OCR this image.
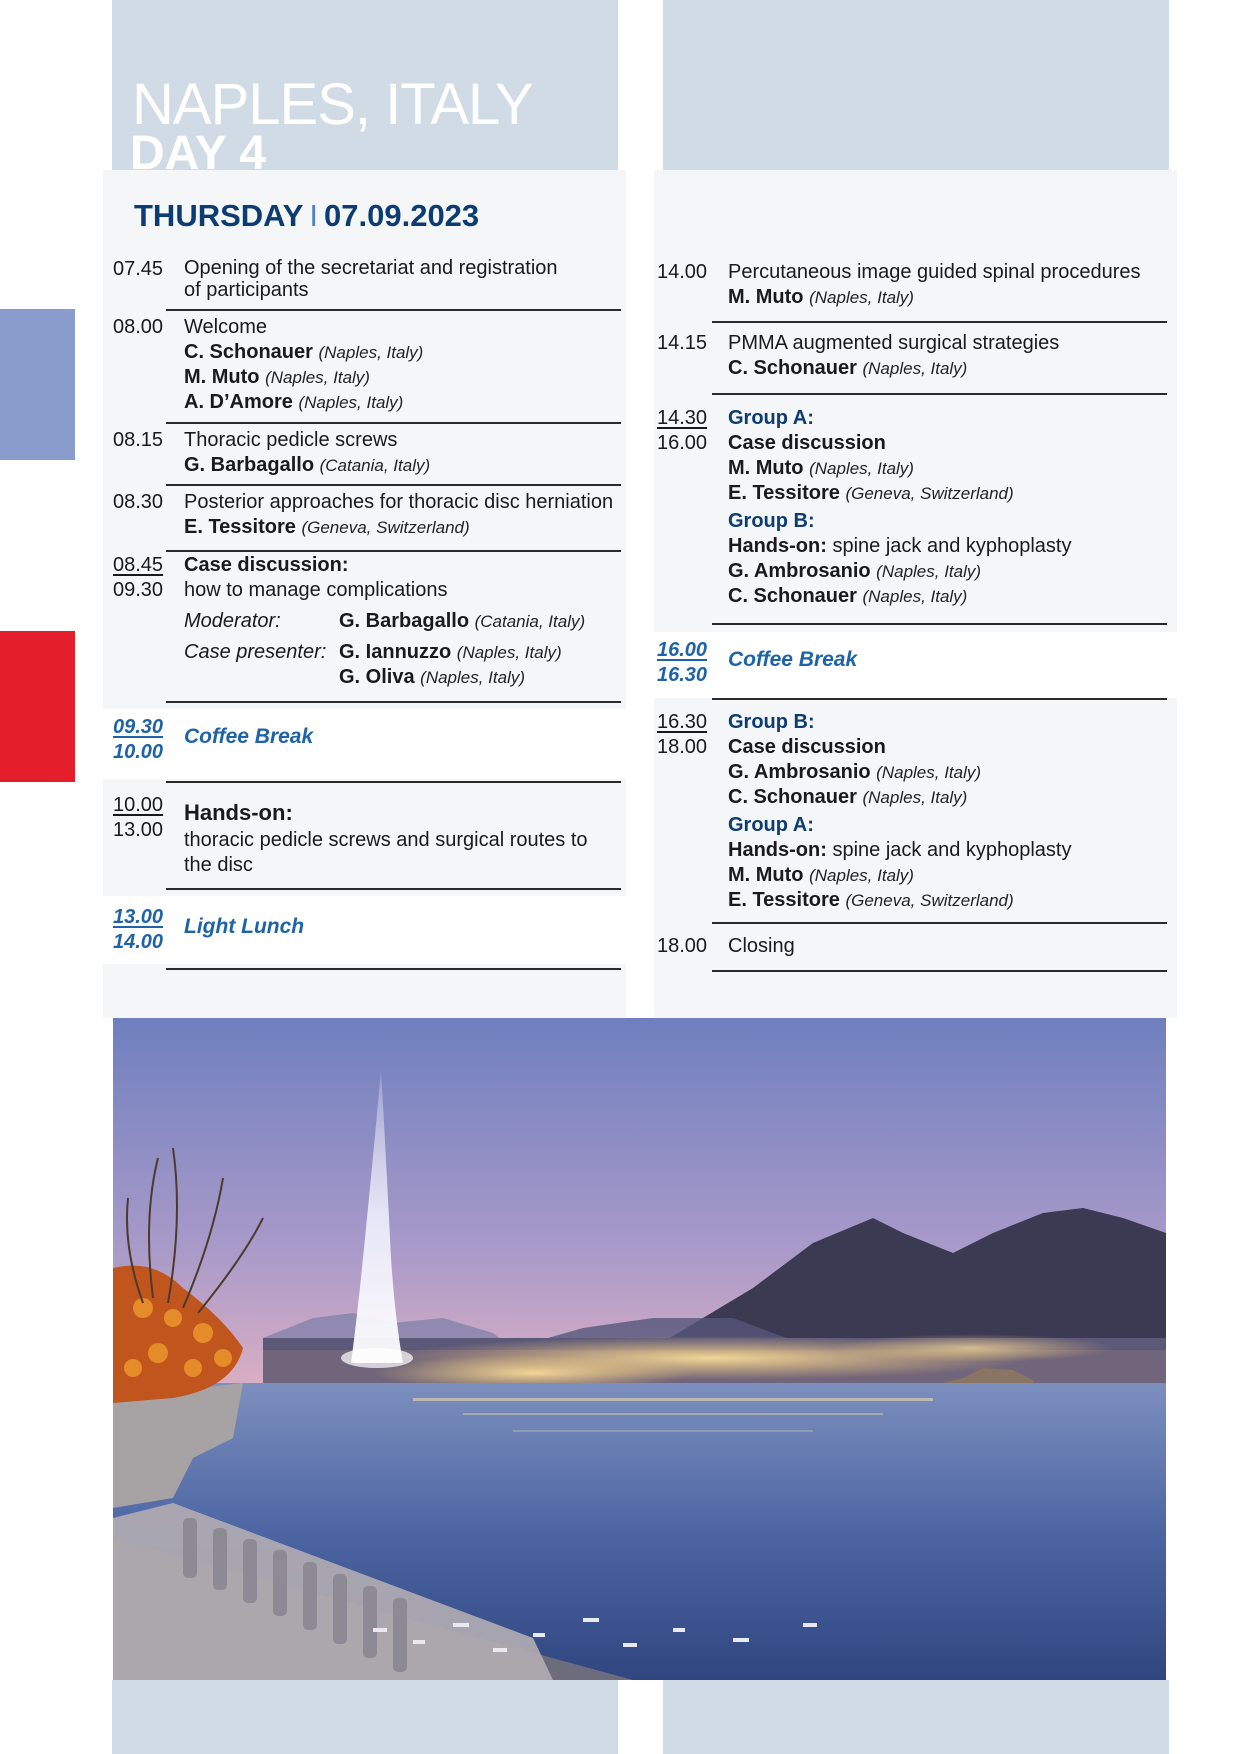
NAPLES, ITALY
DAY 4
THURSDAY I 07.09.2023
07.45 Opening of the secretariat and registration
of participants
08.00 Welcome
C. Schonauer (Naples, Italy)
M. Muto (Naples, Italy)
A. D’Amore (Naples, Italy)
08.15 Thoracic pedicle screws
G. Barbagallo (Catania, Italy)
08.30 Posterior approaches for thoracic disc herniation
E. Tessitore (Geneva, Switzerland)
08.45
09.30
Case discussion:
how to manage complications
Moderator:	G. Barbagallo (Catania, Italy)
Case presenter: G. Iannuzzo (Naples, Italy)
G. Oliva (Naples, Italy)
09.30
10.00
Coffee Break
10.00
13.00
Hands-on:
thoracic pedicle screws and surgical routes to
the disc
13.00
14.00
Light Lunch
14.00 Percutaneous image guided spinal procedures
M. Muto (Naples, Italy)
14.15 PMMA augmented surgical strategies
C. Schonauer (Naples, Italy)
14.30
16.00
Group A:
Case discussion
M. Muto (Naples, Italy)
E. Tessitore (Geneva, Switzerland)
Group B:
Hands-on: spine jack and kyphoplasty
G. Ambrosanio (Naples, Italy)
C. Schonauer (Naples, Italy)
16.00
16.30
Coffee Break
16.30
18.00
Group B:
Case discussion
G. Ambrosanio (Naples, Italy)
C. Schonauer (Naples, Italy)
Group A:
Hands-on: spine jack and kyphoplasty
M. Muto (Naples, Italy)
E. Tessitore (Geneva, Switzerland)
18.00 Closing
